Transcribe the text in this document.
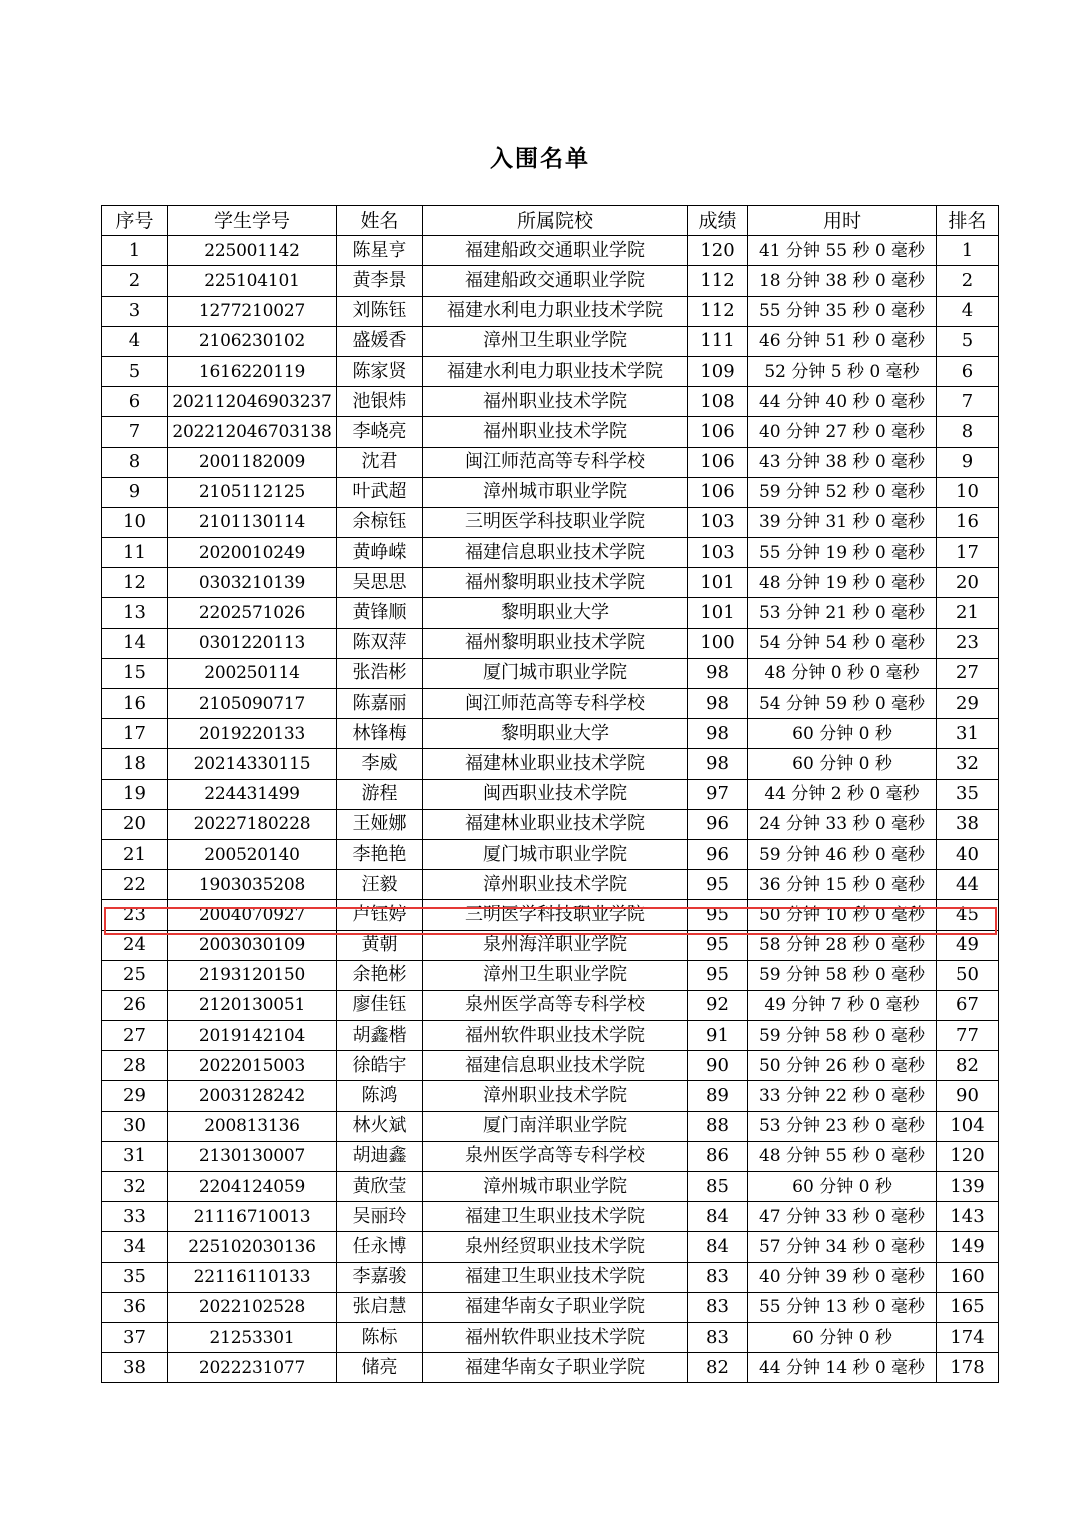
入围名单
序号	学生学号	姓名	所属院校	成绩	用时	排名
1	225001142	陈星亨	福建船政交通职业学院	120	41 分钟 55 秒 0 毫秒	1
2	225104101	黄李景	福建船政交通职业学院	112	18 分钟 38 秒 0 毫秒	2
3	1277210027	刘陈钰	福建水利电力职业技术学院	112	55 分钟 35 秒 0 毫秒	4
4	2106230102	盛媛香	漳州卫生职业学院	111	46 分钟 51 秒 0 毫秒	5
5	1616220119	陈家贤	福建水利电力职业技术学院	109	52 分钟 5 秒 0 毫秒	6
6	202112046903237	池银炜	福州职业技术学院	108	44 分钟 40 秒 0 毫秒	7
7	202212046703138	李峣亮	福州职业技术学院	106	40 分钟 27 秒 0 毫秒	8
8	2001182009	沈君	闽江师范高等专科学校	106	43 分钟 38 秒 0 毫秒	9
9	2105112125	叶武超	漳州城市职业学院	106	59 分钟 52 秒 0 毫秒	10
10	2101130114	余椋钰	三明医学科技职业学院	103	39 分钟 31 秒 0 毫秒	16
11	2020010249	黄峥嵘	福建信息职业技术学院	103	55 分钟 19 秒 0 毫秒	17
12	0303210139	吴思思	福州黎明职业技术学院	101	48 分钟 19 秒 0 毫秒	20
13	2202571026	黄锋顺	黎明职业大学	101	53 分钟 21 秒 0 毫秒	21
14	0301220113	陈双萍	福州黎明职业技术学院	100	54 分钟 54 秒 0 毫秒	23
15	200250114	张浩彬	厦门城市职业学院	98	48 分钟 0 秒 0 毫秒	27
16	2105090717	陈嘉丽	闽江师范高等专科学校	98	54 分钟 59 秒 0 毫秒	29
17	2019220133	林锋梅	黎明职业大学	98	60 分钟 0 秒	31
18	20214330115	李威	福建林业职业技术学院	98	60 分钟 0 秒	32
19	224431499	游程	闽西职业技术学院	97	44 分钟 2 秒 0 毫秒	35
20	20227180228	王娅娜	福建林业职业技术学院	96	24 分钟 33 秒 0 毫秒	38
21	200520140	李艳艳	厦门城市职业学院	96	59 分钟 46 秒 0 毫秒	40
22	1903035208	汪毅	漳州职业技术学院	95	36 分钟 15 秒 0 毫秒	44
23	2004070927	卢钰婷	三明医学科技职业学院	95	50 分钟 10 秒 0 毫秒	45
24	2003030109	黄朝	泉州海洋职业学院	95	58 分钟 28 秒 0 毫秒	49
25	2193120150	余艳彬	漳州卫生职业学院	95	59 分钟 58 秒 0 毫秒	50
26	2120130051	廖佳钰	泉州医学高等专科学校	92	49 分钟 7 秒 0 毫秒	67
27	2019142104	胡鑫楷	福州软件职业技术学院	91	59 分钟 58 秒 0 毫秒	77
28	2022015003	徐皓宇	福建信息职业技术学院	90	50 分钟 26 秒 0 毫秒	82
29	2003128242	陈鸿	漳州职业技术学院	89	33 分钟 22 秒 0 毫秒	90
30	200813136	林火斌	厦门南洋职业学院	88	53 分钟 23 秒 0 毫秒	104
31	2130130007	胡迪鑫	泉州医学高等专科学校	86	48 分钟 55 秒 0 毫秒	120
32	2204124059	黄欣莹	漳州城市职业学院	85	60 分钟 0 秒	139
33	21116710013	吴丽玲	福建卫生职业技术学院	84	47 分钟 33 秒 0 毫秒	143
34	225102030136	任永博	泉州经贸职业技术学院	84	57 分钟 34 秒 0 毫秒	149
35	22116110133	李嘉骏	福建卫生职业技术学院	83	40 分钟 39 秒 0 毫秒	160
36	2022102528	张启慧	福建华南女子职业学院	83	55 分钟 13 秒 0 毫秒	165
37	21253301	陈标	福州软件职业技术学院	83	60 分钟 0 秒	174
38	2022231077	储亮	福建华南女子职业学院	82	44 分钟 14 秒 0 毫秒	178
